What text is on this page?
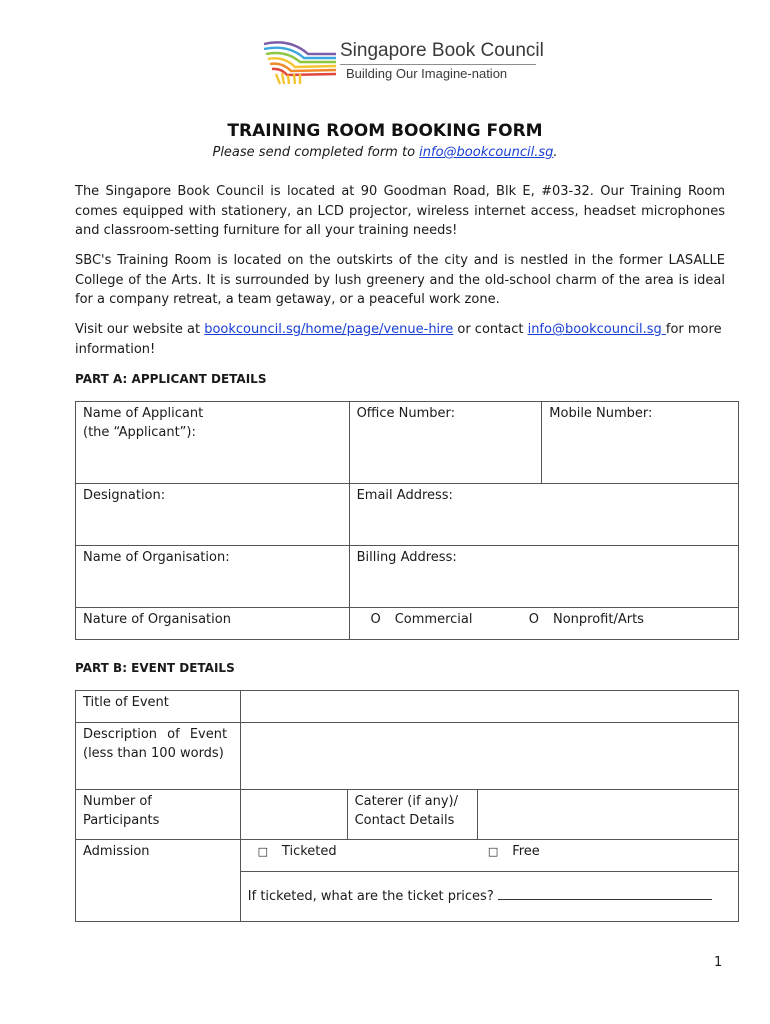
Singapore Book Council
Building Our Imagine-nation
TRAINING ROOM BOOKING FORM
Please send completed form to info@bookcouncil.sg.
The Singapore Book Council is located at 90 Goodman Road, Blk E, #03-32. Our Training Room comes equipped with stationery, an LCD projector, wireless internet access, headset microphones and classroom-setting furniture for all your training needs!
SBC's Training Room is located on the outskirts of the city and is nestled in the former LASALLE College of the Arts. It is surrounded by lush greenery and the old-school charm of the area is ideal for a company retreat, a team getaway, or a peaceful work zone.
Visit our website at bookcouncil.sg/home/page/venue-hire or contact info@bookcouncil.sg for more information!
PART A: APPLICANT DETAILS
Name of Applicant
(the “Applicant”):	Office Number:	Mobile Number:
Designation:	Email Address:	
Name of Organisation:	Billing Address:	
Nature of Organisation	O Commercial O Nonprofit/Arts	
PART B: EVENT DETAILS
Title of Event			
Description of Event
(less than 100 words)			
Number of
Participants		Caterer (if any)/
Contact Details	
Admission	□ Ticketed □ Free		
	If ticketed, what are the ticket prices?		
1
